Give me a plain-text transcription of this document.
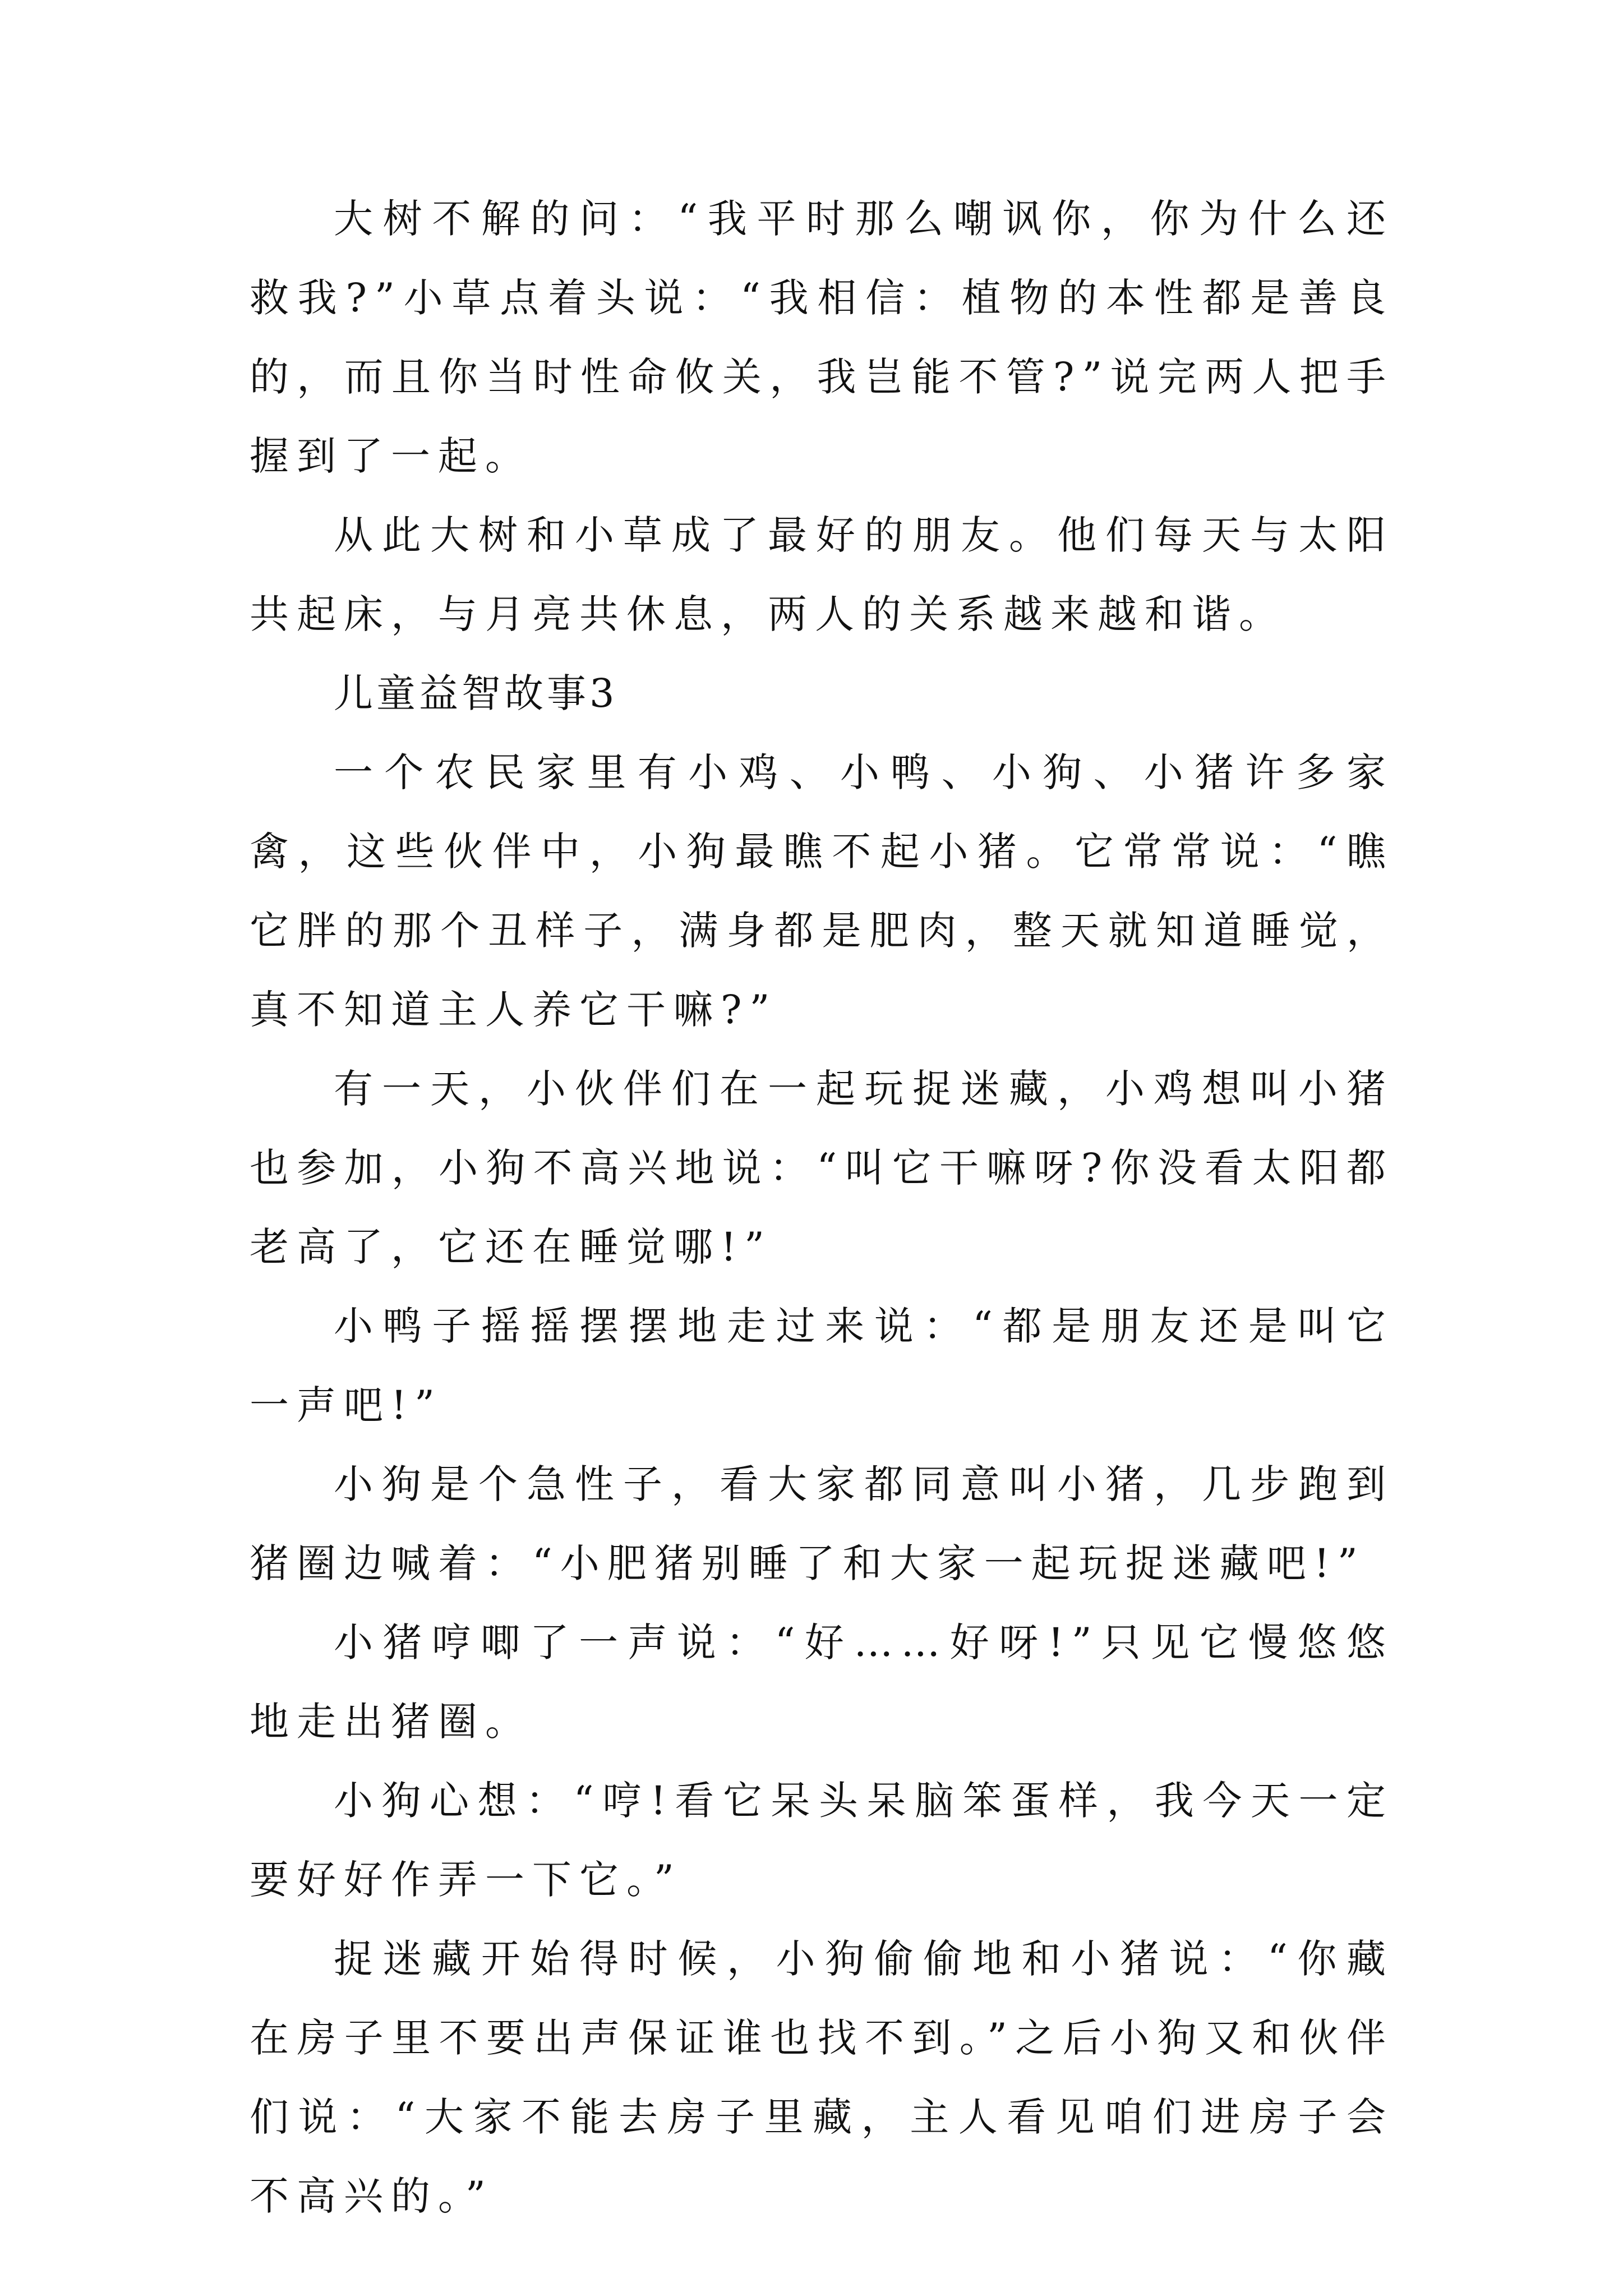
大树不解的问：“我平时那么嘲讽你，你为什么还救我?”小草点着头说：“我相信：植物的本性都是善良的，而且你当时性命攸关，我岂能不管?”说完两人把手握到了一起。

从此大树和小草成了最好的朋友。他们每天与太阳共起床，与月亮共休息，两人的关系越来越和谐。

儿童益智故事3

一个农民家里有小鸡、小鸭、小狗、小猪许多家禽，这些伙伴中，小狗最瞧不起小猪。它常常说：“瞧它胖的那个丑样子，满身都是肥肉，整天就知道睡觉，真不知道主人养它干嘛?”

有一天，小伙伴们在一起玩捉迷藏，小鸡想叫小猪也参加，小狗不高兴地说：“叫它干嘛呀?你没看太阳都老高了，它还在睡觉哪!”

小鸭子摇摇摆摆地走过来说：“都是朋友还是叫它一声吧!”

小狗是个急性子，看大家都同意叫小猪，几步跑到猪圈边喊着：“小肥猪别睡了和大家一起玩捉迷藏吧!”

小猪哼唧了一声说：“好……好呀!”只见它慢悠悠地走出猪圈。

小狗心想：“哼!看它呆头呆脑笨蛋样，我今天一定要好好作弄一下它。”

捉迷藏开始得时候，小狗偷偷地和小猪说：“你藏在房子里不要出声保证谁也找不到。”之后小狗又和伙伴们说：“大家不能去房子里藏，主人看见咱们进房子会不高兴的。”
